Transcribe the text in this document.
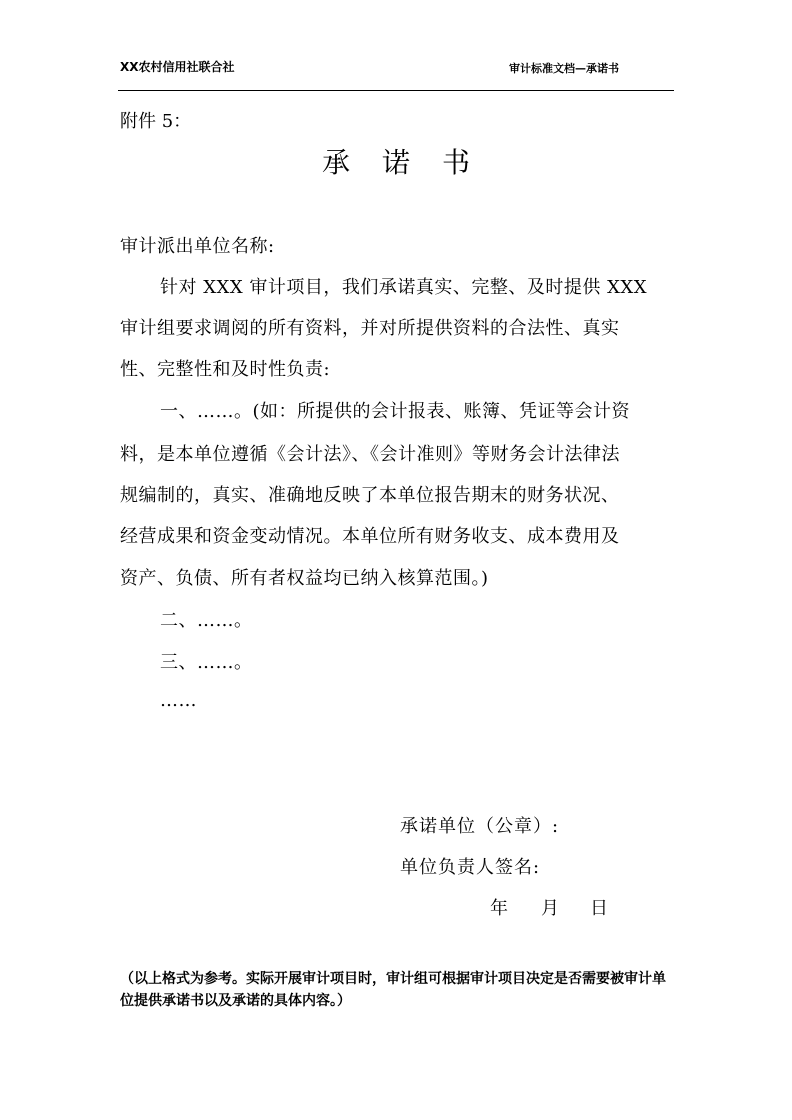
XX农村信用社联合社	审计标准文档—承诺书
附件 5：
承 诺 书
审计派出单位名称:
针对 XXX 审计项目，我们承诺真实、完整、及时提供 XXX
审计组要求调阅的所有资料，并对所提供资料的合法性、真实
性、完整性和及时性负责:
一、……。(如：所提供的会计报表、账簿、凭证等会计资
料，是本单位遵循《会计法》、《会计准则》等财务会计法律法
规编制的，真实、准确地反映了本单位报告期末的财务状况、
经营成果和资金变动情况。本单位所有财务收支、成本费用及
资产、负债、所有者权益均已纳入核算范围。)
二、……。
三、……。
……
承诺单位（公章）:
单位负责人签名:
年 月 日
（以上格式为参考。实际开展审计项目时，审计组可根据审计项目决定是否需要被审计单位提供承诺书以及承诺的具体内容。）
